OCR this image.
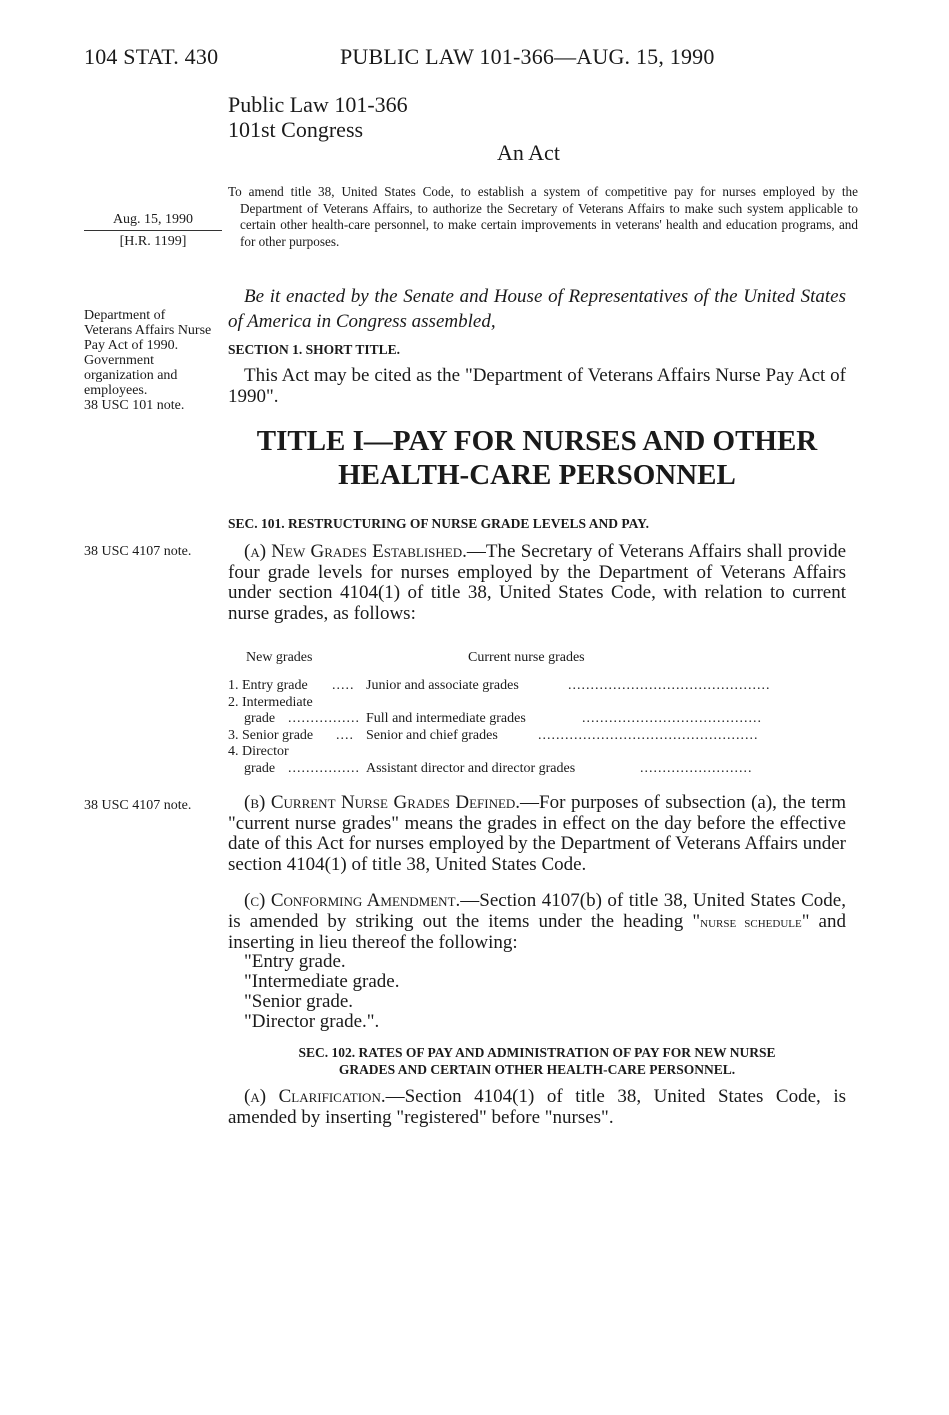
104 STAT. 430	PUBLIC LAW 101-366—AUG. 15, 1990
Public Law 101-366
101st Congress
An Act
Aug. 15, 1990
[H.R. 1199]
To amend title 38, United States Code, to establish a system of competitive pay for nurses employed by the Department of Veterans Affairs, to authorize the Secretary of Veterans Affairs to make such system applicable to certain other health-care personnel, to make certain improvements in veterans' health and education programs, and for other purposes.
Department of Veterans Affairs Nurse Pay Act of 1990.
Government organization and employees.
38 USC 101 note.
Be it enacted by the Senate and House of Representatives of the United States of America in Congress assembled,
SECTION 1. SHORT TITLE.
This Act may be cited as the "Department of Veterans Affairs Nurse Pay Act of 1990".
TITLE I—PAY FOR NURSES AND OTHER
HEALTH-CARE PERSONNEL
SEC. 101. RESTRUCTURING OF NURSE GRADE LEVELS AND PAY.
38 USC 4107 note.	(a) New Grades Established.—The Secretary of Veterans Affairs shall provide four grade levels for nurses employed by the Department of Veterans Affairs under section 4104(1) of title 38, United States Code, with relation to current nurse grades, as follows:
New grades	Current nurse grades
1. Entry grade ..... Junior and associate grades	.............................................
2. Intermediate
grade ................ Full and intermediate grades	........................................
3. Senior grade .... Senior and chief grades	.................................................
4. Director
grade ................ Assistant director and director grades	.........................
38 USC 4107 note.	(b) Current Nurse Grades Defined.—For purposes of subsection (a), the term "current nurse grades" means the grades in effect on the day before the effective date of this Act for nurses employed by the Department of Veterans Affairs under section 4104(1) of title 38, United States Code.
(c) Conforming Amendment.—Section 4107(b) of title 38, United States Code, is amended by striking out the items under the heading "nurse schedule" and inserting in lieu thereof the following:
"Entry grade.
"Intermediate grade.
"Senior grade.
"Director grade.".
SEC. 102. RATES OF PAY AND ADMINISTRATION OF PAY FOR NEW NURSE
GRADES AND CERTAIN OTHER HEALTH-CARE PERSONNEL.
(a) Clarification.—Section 4104(1) of title 38, United States Code, is amended by inserting "registered" before "nurses".
